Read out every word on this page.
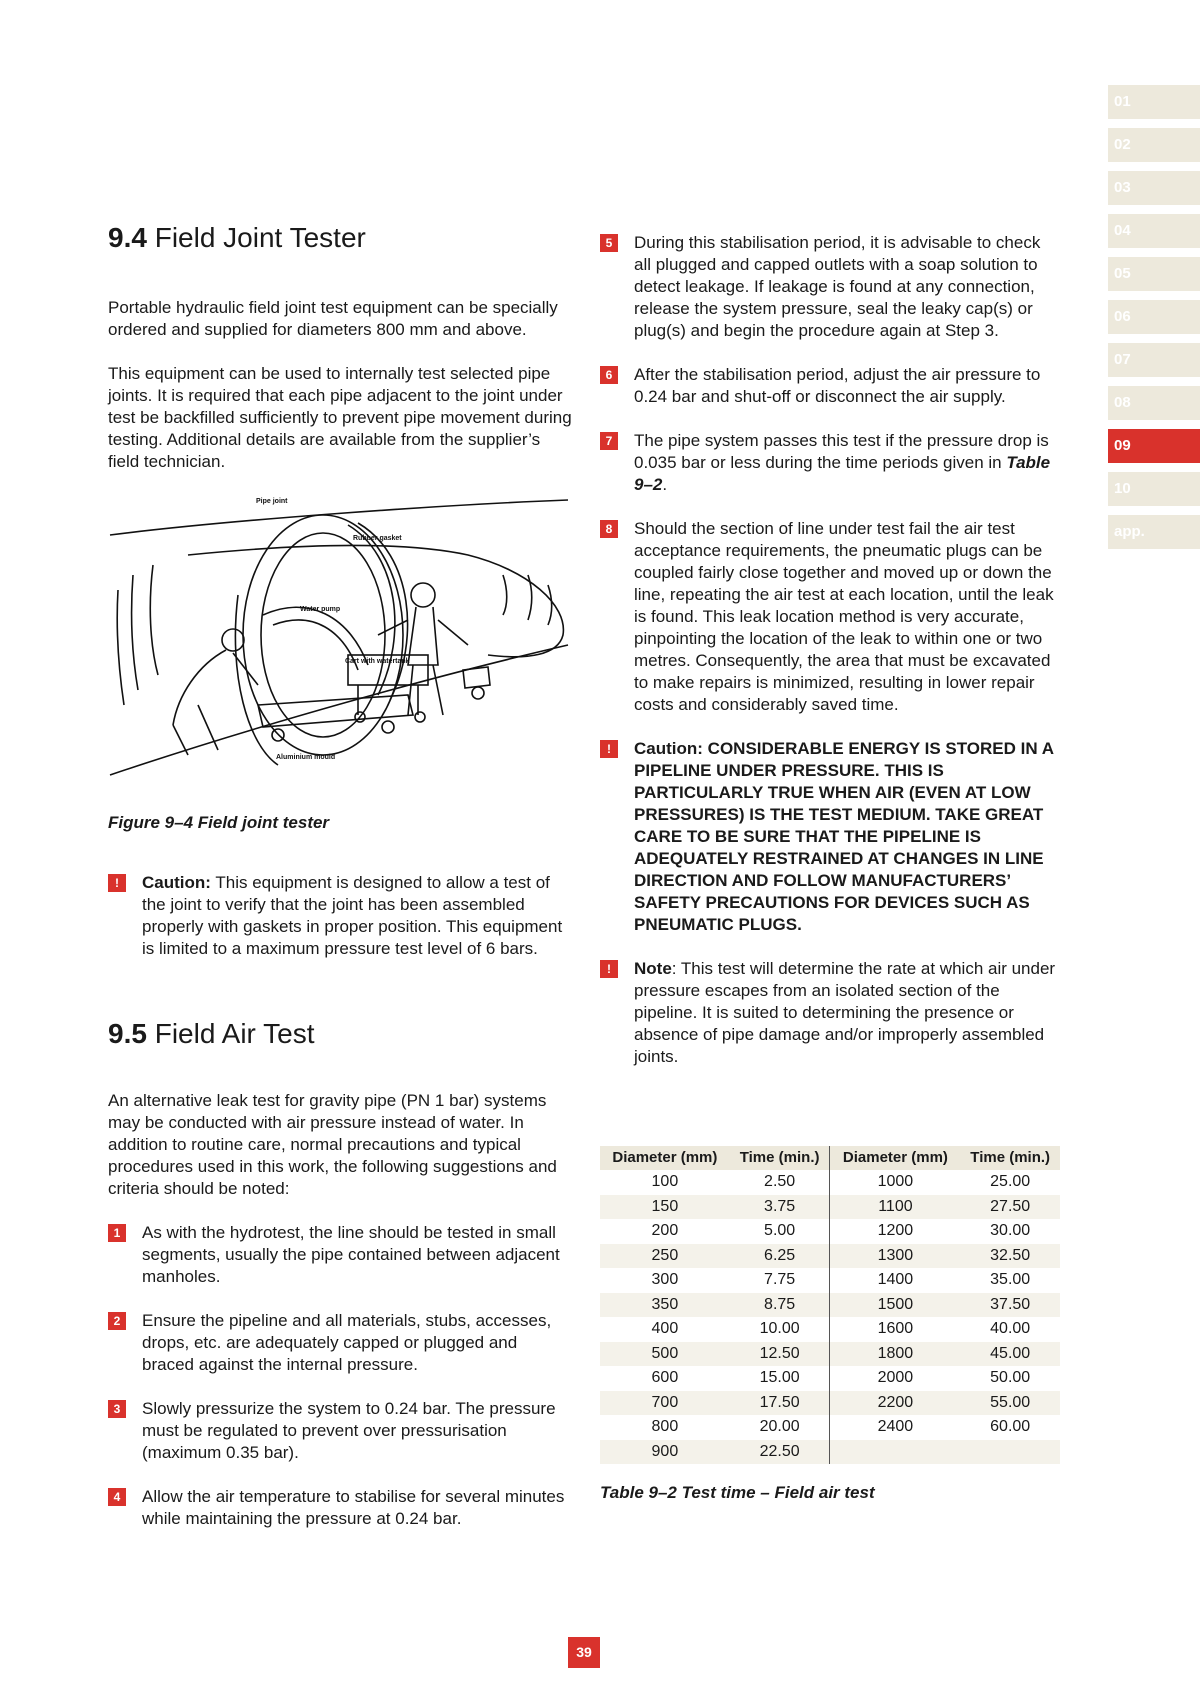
01
02
03
04
05
06
07
08
09
10
app.
9.4 Field Joint Tester

Portable hydraulic field joint test equipment can be specially ordered and supplied for diameters 800 mm and above.

This equipment can be used to internally test selected pipe joints. It is required that each pipe adjacent to the joint under test be backfilled sufficiently to prevent pipe movement during testing. Additional details are available from the supplier’s field technician.

Pipe joint
Rubber gasket
Water pump
Cart with watertank
Aluminium mould

Figure 9–4 Field joint tester

!	Caution: This equipment is designed to allow a test of the joint to verify that the joint has been assembled properly with gaskets in proper position. This equipment is limited to a maximum pressure test level of 6 bars.

9.5 Field Air Test

An alternative leak test for gravity pipe (PN 1 bar) systems may be conducted with air pressure instead of water. In addition to routine care, normal precautions and typical procedures used in this work, the following suggestions and criteria should be noted:

1	As with the hydrotest, the line should be tested in small segments, usually the pipe contained between adjacent manholes.

2	Ensure the pipeline and all materials, stubs, accesses, drops, etc. are adequately capped or plugged and braced against the internal pressure.

3	Slowly pressurize the system to 0.24 bar. The pressure must be regulated to prevent over pressurisation (maximum 0.35 bar).

4	Allow the air temperature to stabilise for several minutes while maintaining the pressure at 0.24 bar.

5	During this stabilisation period, it is advisable to check all plugged and capped outlets with a soap solution to detect leakage. If leakage is found at any connection, release the system pressure, seal the leaky cap(s) or plug(s) and begin the procedure again at Step 3.

6	After the stabilisation period, adjust the air pressure to 0.24 bar and shut-off or disconnect the air supply.

7	The pipe system passes this test if the pressure drop is 0.035 bar or less during the time periods given in Table 9–2.

8	Should the section of line under test fail the air test acceptance requirements, the pneumatic plugs can be coupled fairly close together and moved up or down the line, repeating the air test at each location, until the leak is found. This leak location method is very accurate, pinpointing the location of the leak to within one or two metres. Consequently, the area that must be excavated to make repairs is minimized, resulting in lower repair costs and considerably saved time.

!	Caution: CONSIDERABLE ENERGY IS STORED IN A PIPELINE UNDER PRESSURE. THIS IS PARTICULARLY TRUE WHEN AIR (EVEN AT LOW PRESSURES) IS THE TEST MEDIUM. TAKE GREAT CARE TO BE SURE THAT THE PIPELINE IS ADEQUATELY RESTRAINED AT CHANGES IN LINE DIRECTION AND FOLLOW MANUFACTURERS’ SAFETY PRECAUTIONS FOR DEVICES SUCH AS PNEUMATIC PLUGS.

!	Note: This test will determine the rate at which air under pressure escapes from an isolated section of the pipeline. It is suited to determining the presence or absence of pipe damage and/or improperly assembled joints.

Diameter (mm)	Time (min.)	Diameter (mm)	Time (min.)
100	2.50	1000	25.00
150	3.75	1100	27.50
200	5.00	1200	30.00
250	6.25	1300	32.50
300	7.75	1400	35.00
350	8.75	1500	37.50
400	10.00	1600	40.00
500	12.50	1800	45.00
600	15.00	2000	50.00
700	17.50	2200	55.00
800	20.00	2400	60.00
900	22.50		

Table 9–2 Test time – Field air test

39
